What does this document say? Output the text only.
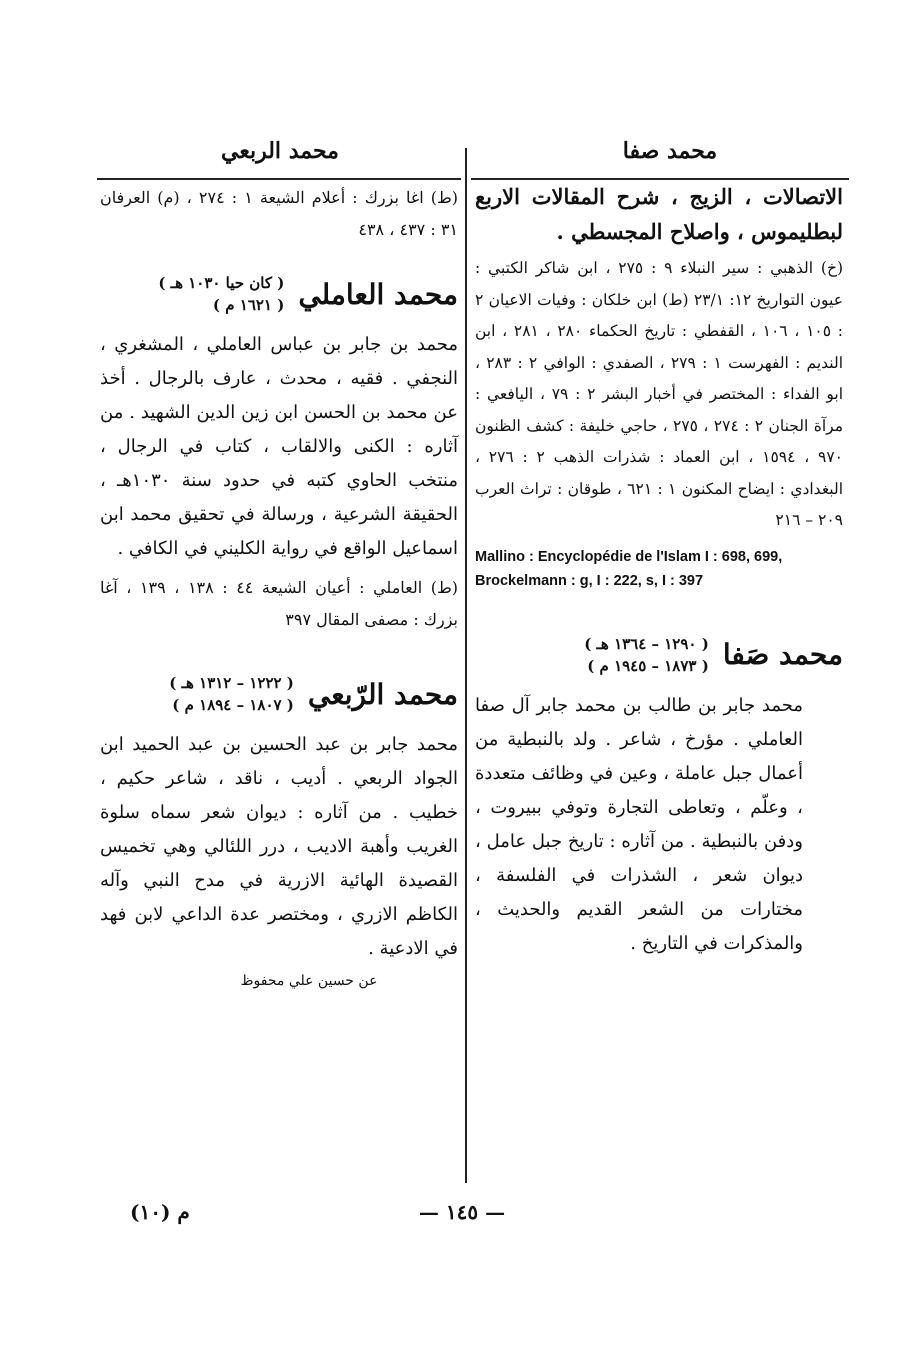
محمد صفا
محمد الربعي

الاتصالات ، الزيج ، شرح المقالات الاربع لبطليموس ، واصلاح المجسطي .

(خ) الذهبي : سير النبلاء ٩ : ٢٧٥ ، ابن شاكر الكتبي : عيون التواريخ ١٢: ٢٣/١ (ط) ابن خلكان : وفيات الاعيان ٢ : ١٠٥ ، ١٠٦ ، القفطي : تاريخ الحكماء ٢٨٠ ، ٢٨١ ، ابن النديم : الفهرست ١ : ٢٧٩ ، الصفدي : الوافي ٢ : ٢٨٣ ، ابو الفداء : المختصر في أخبار البشر ٢ : ٧٩ ، اليافعي : مرآة الجنان ٢ : ٢٧٤ ، ٢٧٥ ، حاجي خليفة : كشف الظنون ٩٧٠ ، ١٥٩٤ ، ابن العماد : شذرات الذهب ٢ : ٢٧٦ ، البغدادي : ايضاح المكنون ١ : ٦٢١ ، طوقان : تراث العرب ٢٠٩ – ٢١٦

Mallino : Encyclopédie de l'Islam I : 698, 699, Brockelmann : g, I : 222, s, I : 397

محمد صَفا
( ١٢٩٠ – ١٣٦٤ هـ )
( ١٨٧٣ – ١٩٤٥ م )

محمد جابر بن طالب بن محمد جابر آل صفا العاملي . مؤرخ ، شاعر . ولد بالنبطية من أعمال جبل عاملة ، وعين في وظائف متعددة ، وعلّم ، وتعاطى التجارة وتوفي ببيروت ، ودفن بالنبطية . من آثاره : تاريخ جبل عامل ، ديوان شعر ، الشذرات في الفلسفة ، مختارات من الشعر القديم والحديث ، والمذكرات في التاريخ .

(ط) اغا بزرك : أعلام الشيعة ١ : ٢٧٤ ، (م) العرفان ٣١ : ٤٣٧ ، ٤٣٨

محمد العاملي
( كان حيا ١٠٣٠ هـ )
( ١٦٢١ م )

محمد بن جابر بن عباس العاملي ، المشغري ، النجفي . فقيه ، محدث ، عارف بالرجال . أخذ عن محمد بن الحسن ابن زين الدين الشهيد . من آثاره : الكنى والالقاب ، كتاب في الرجال ، منتخب الحاوي كتبه في حدود سنة ١٠٣٠هـ ، الحقيقة الشرعية ، ورسالة في تحقيق محمد ابن اسماعيل الواقع في رواية الكليني في الكافي .

(ط) العاملي : أعيان الشيعة ٤٤ : ١٣٨ ، ١٣٩ ، آغا بزرك : مصفى المقال ٣٩٧

محمد الرّبعي
( ١٢٢٢ – ١٣١٢ هـ )
( ١٨٠٧ – ١٨٩٤ م )

محمد جابر بن عبد الحسين بن عبد الحميد ابن الجواد الربعي . أديب ، ناقد ، شاعر حكيم ، خطيب . من آثاره : ديوان شعر سماه سلوة الغريب وأهبة الاديب ، درر اللئالي وهي تخميس القصيدة الهائية الازرية في مدح النبي وآله الكاظم الازري ، ومختصر عدة الداعي لابن فهد في الادعية .

عن حسين علي محفوظ

— ١٤٥ —
م (١٠)
